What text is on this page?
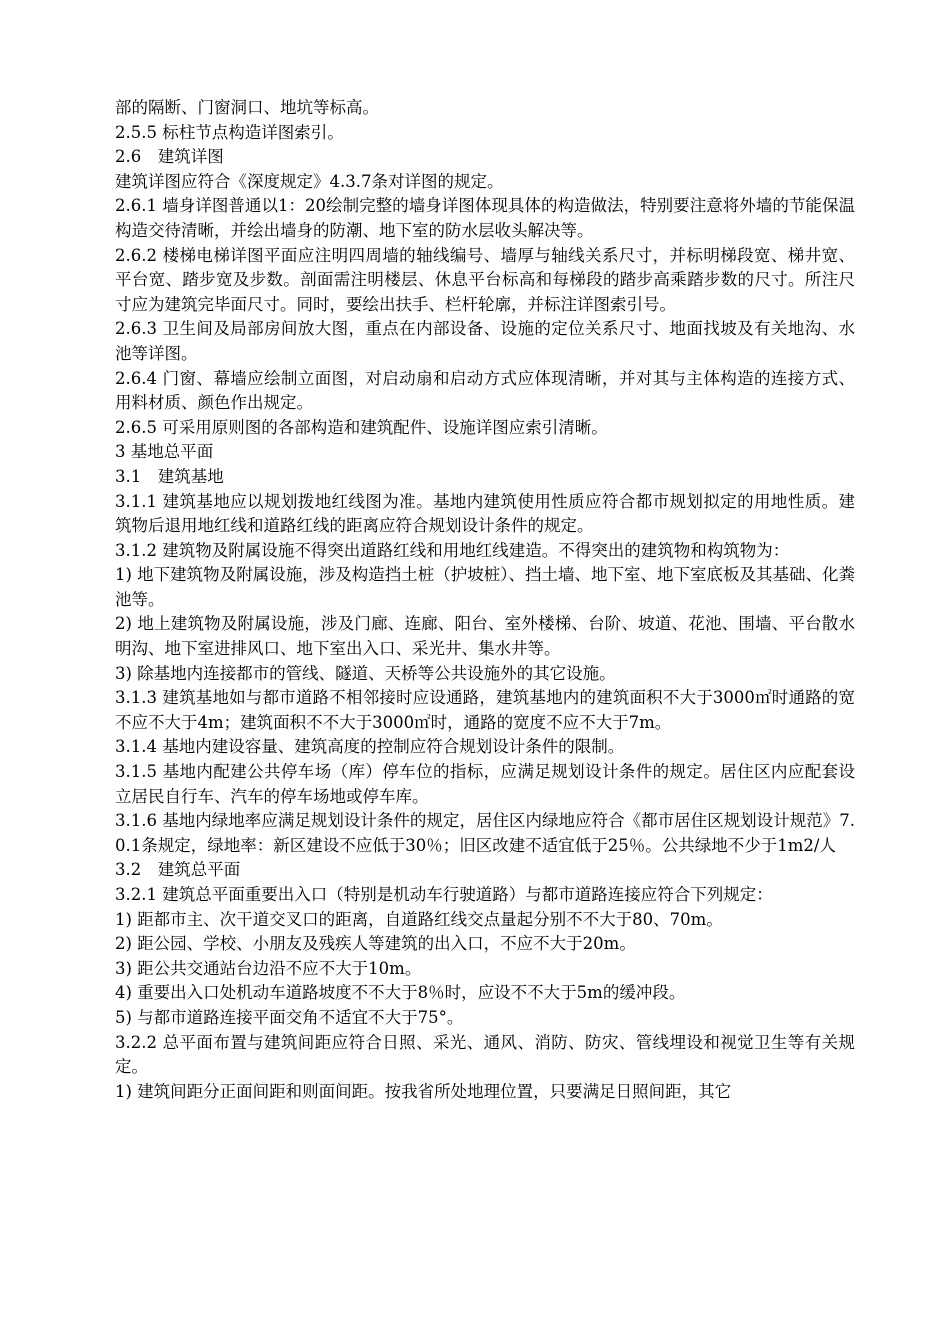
部的隔断、门窗洞口、地坑等标高。

2.5.5 标柱节点构造详图索引。

2.6　建筑详图

建筑详图应符合《深度规定》4.3.7条对详图的规定。

2.6.1 墙身详图普通以1：20绘制完整的墙身详图体现具体的构造做法，特别要注意将外墙的节能保温构造交待清晰，并绘出墙身的防潮、地下室的防水层收头解决等。

2.6.2 楼梯电梯详图平面应注明四周墙的轴线编号、墙厚与轴线关系尺寸，并标明梯段宽、梯井宽、平台宽、踏步宽及步数。剖面需注明楼层、休息平台标高和每梯段的踏步高乘踏步数的尺寸。所注尺寸应为建筑完毕面尺寸。同时，要绘出扶手、栏杆轮廓，并标注详图索引号。

2.6.3 卫生间及局部房间放大图，重点在内部设备、设施的定位关系尺寸、地面找坡及有关地沟、水池等详图。

2.6.4 门窗、幕墙应绘制立面图，对启动扇和启动方式应体现清晰，并对其与主体构造的连接方式、用料材质、颜色作出规定。

2.6.5 可采用原则图的各部构造和建筑配件、设施详图应索引清晰。

3 基地总平面

3.1　建筑基地

3.1.1 建筑基地应以规划拨地红线图为准。基地内建筑使用性质应符合都市规划拟定的用地性质。建筑物后退用地红线和道路红线的距离应符合规划设计条件的规定。

3.1.2 建筑物及附属设施不得突出道路红线和用地红线建造。不得突出的建筑物和构筑物为：

1) 地下建筑物及附属设施，涉及构造挡土桩（护坡桩）、挡土墙、地下室、地下室底板及其基础、化粪池等。

2) 地上建筑物及附属设施，涉及门廊、连廊、阳台、室外楼梯、台阶、坡道、花池、围墙、平台散水明沟、地下室进排风口、地下室出入口、采光井、集水井等。

3) 除基地内连接都市的管线、隧道、天桥等公共设施外的其它设施。

3.1.3 建筑基地如与都市道路不相邻接时应设通路，建筑基地内的建筑面积不大于3000㎡时通路的宽不应不大于4m；建筑面积不不大于3000㎡时，通路的宽度不应不大于7m。

3.1.4 基地内建设容量、建筑高度的控制应符合规划设计条件的限制。

3.1.5 基地内配建公共停车场（库）停车位的指标，应满足规划设计条件的规定。居住区内应配套设立居民自行车、汽车的停车场地或停车库。

3.1.6 基地内绿地率应满足规划设计条件的规定，居住区内绿地应符合《都市居住区规划设计规范》7.0.1条规定，绿地率：新区建设不应低于30％；旧区改建不适宜低于25％。公共绿地不少于1m2/人

3.2　建筑总平面

3.2.1 建筑总平面重要出入口（特别是机动车行驶道路）与都市道路连接应符合下列规定：

1) 距都市主、次干道交叉口的距离，自道路红线交点量起分别不不大于80、70m。

2) 距公园、学校、小朋友及残疾人等建筑的出入口，不应不大于20m。

3) 距公共交通站台边沿不应不大于10m。

4) 重要出入口处机动车道路坡度不不大于8％时，应设不不大于5m的缓冲段。

5) 与都市道路连接平面交角不适宜不大于75°。

3.2.2 总平面布置与建筑间距应符合日照、采光、通风、消防、防灾、管线埋设和视觉卫生等有关规定。

1) 建筑间距分正面间距和则面间距。按我省所处地理位置，只要满足日照间距，其它
